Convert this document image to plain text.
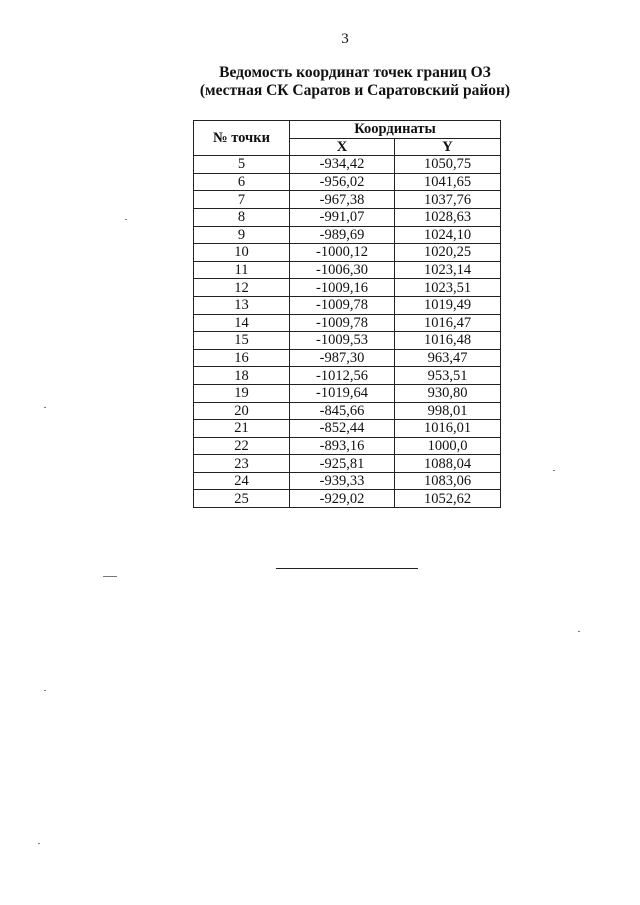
3
Ведомость координат точек границ ОЗ
(местная СК Саратов и Саратовский район)
№ точки	Координаты	
	X	Y
5	-934,42	1050,75
6	-956,02	1041,65
7	-967,38	1037,76
8	-991,07	1028,63
9	-989,69	1024,10
10	-1000,12	1020,25
11	-1006,30	1023,14
12	-1009,16	1023,51
13	-1009,78	1019,49
14	-1009,78	1016,47
15	-1009,53	1016,48
16	-987,30	963,47
18	-1012,56	953,51
19	-1019,64	930,80
20	-845,66	998,01
21	-852,44	1016,01
22	-893,16	1000,0
23	-925,81	1088,04
24	-939,33	1083,06
25	-929,02	1052,62
